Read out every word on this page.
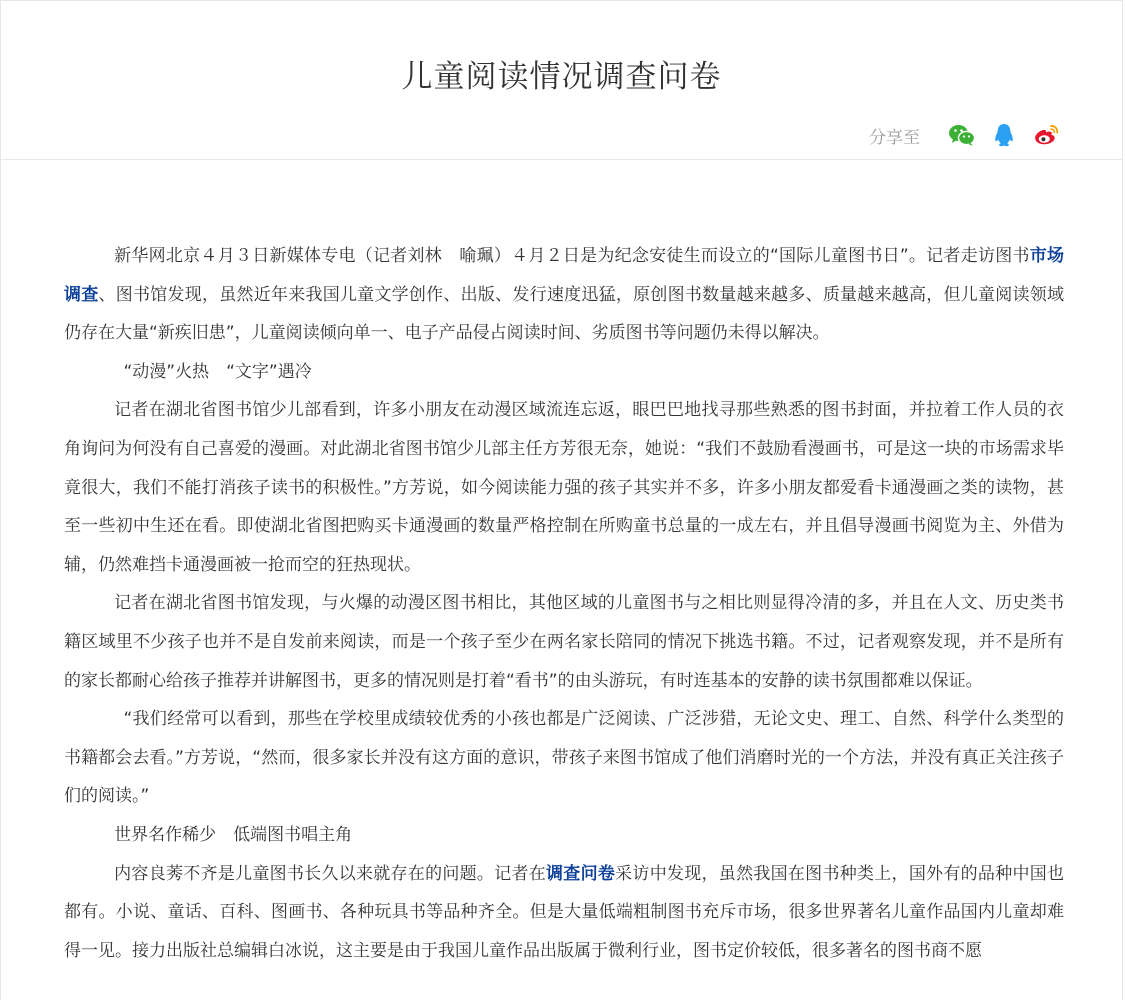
儿童阅读情况调查问卷
分享至

新华网北京４月３日新媒体专电（记者刘林　喻珮）４月２日是为纪念安徒生而设立的“国际儿童图书日”。记者走访图书市场调查、图书馆发现，虽然近年来我国儿童文学创作、出版、发行速度迅猛，原创图书数量越来越多、质量越来越高，但儿童阅读领域仍存在大量“新疾旧患”，儿童阅读倾向单一、电子产品侵占阅读时间、劣质图书等问题仍未得以解决。

“动漫”火热　“文字”遇冷

记者在湖北省图书馆少儿部看到，许多小朋友在动漫区域流连忘返，眼巴巴地找寻那些熟悉的图书封面，并拉着工作人员的衣角询问为何没有自己喜爱的漫画。对此湖北省图书馆少儿部主任方芳很无奈，她说：“我们不鼓励看漫画书，可是这一块的市场需求毕竟很大，我们不能打消孩子读书的积极性。”方芳说，如今阅读能力强的孩子其实并不多，许多小朋友都爱看卡通漫画之类的读物，甚至一些初中生还在看。即使湖北省图把购买卡通漫画的数量严格控制在所购童书总量的一成左右，并且倡导漫画书阅览为主、外借为辅，仍然难挡卡通漫画被一抢而空的狂热现状。

记者在湖北省图书馆发现，与火爆的动漫区图书相比，其他区域的儿童图书与之相比则显得冷清的多，并且在人文、历史类书籍区域里不少孩子也并不是自发前来阅读，而是一个孩子至少在两名家长陪同的情况下挑选书籍。不过，记者观察发现，并不是所有的家长都耐心给孩子推荐并讲解图书，更多的情况则是打着“看书”的由头游玩，有时连基本的安静的读书氛围都难以保证。

“我们经常可以看到，那些在学校里成绩较优秀的小孩也都是广泛阅读、广泛涉猎，无论文史、理工、自然、科学什么类型的书籍都会去看。”方芳说，“然而，很多家长并没有这方面的意识，带孩子来图书馆成了他们消磨时光的一个方法，并没有真正关注孩子们的阅读。”

世界名作稀少　低端图书唱主角

内容良莠不齐是儿童图书长久以来就存在的问题。记者在调查问卷采访中发现，虽然我国在图书种类上，国外有的品种中国也都有。小说、童话、百科、图画书、各种玩具书等品种齐全。但是大量低端粗制图书充斥市场，很多世界著名儿童作品国内儿童却难得一见。接力出版社总编辑白冰说，这主要是由于我国儿童作品出版属于微利行业，图书定价较低，很多著名的图书商不愿
